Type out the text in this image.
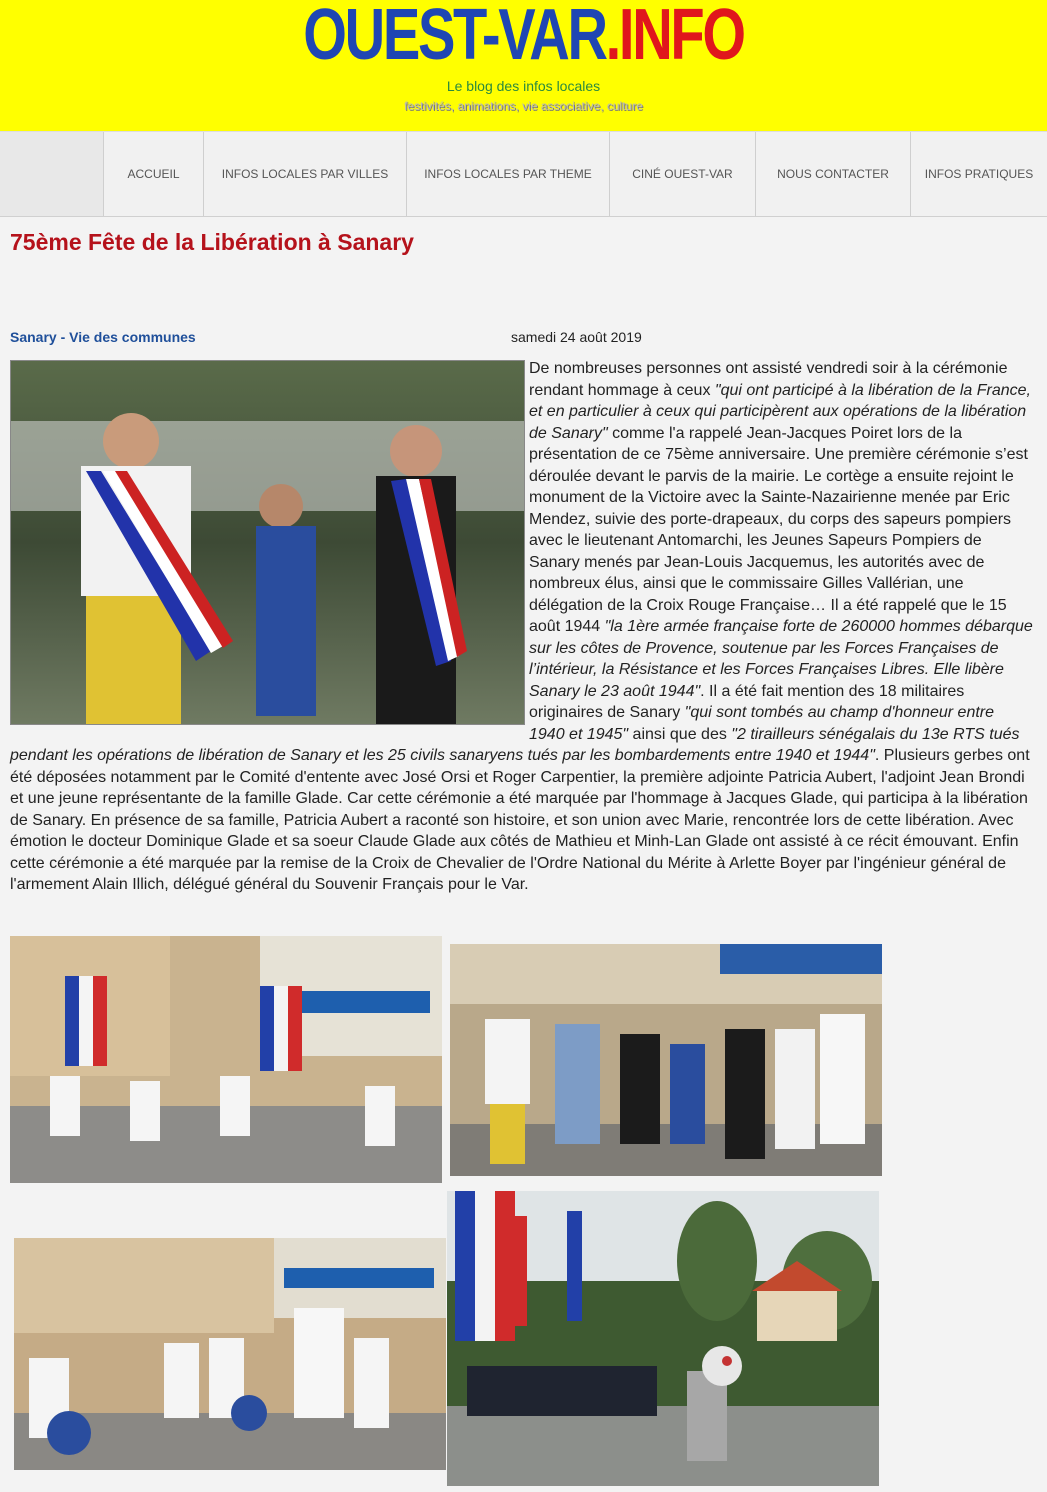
OUEST-VAR.INFO
Le blog des infos locales
festivités, animations, vie associative, culture
ACCUEIL	INFOS LOCALES PAR VILLES	INFOS LOCALES PAR THEME	CINÉ OUEST-VAR	NOUS CONTACTER	INFOS PRATIQUES
75ème Fête de la Libération à Sanary
Sanary - Vie des communes	samedi 24 août 2019
De nombreuses personnes ont assisté vendredi soir à la cérémonie rendant hommage à ceux "qui ont participé à la libération de la France, et en particulier à ceux qui participèrent aux opérations de la libération de Sanary" comme l'a rappelé Jean-Jacques Poiret lors de la présentation de ce 75ème anniversaire. Une première cérémonie s’est déroulée devant le parvis de la mairie. Le cortège a ensuite rejoint le monument de la Victoire avec la Sainte-Nazairienne menée par Eric Mendez, suivie des porte-drapeaux, du corps des sapeurs pompiers avec le lieutenant Antomarchi, les Jeunes Sapeurs Pompiers de Sanary menés par Jean-Louis Jacquemus, les autorités avec de nombreux élus, ainsi que le commissaire Gilles Vallérian, une délégation de la Croix Rouge Française… Il a été rappelé que le 15 août 1944 "la 1ère armée française forte de 260000 hommes débarque sur les côtes de Provence, soutenue par les Forces Françaises de l’intérieur, la Résistance et les Forces Françaises Libres. Elle libère Sanary le 23 août 1944". Il a été fait mention des 18 militaires originaires de Sanary "qui sont tombés au champ d'honneur entre 1940 et 1945" ainsi que des "2 tirailleurs sénégalais du 13e RTS tués pendant les opérations de libération de Sanary et les 25 civils sanaryens tués par les bombardements entre 1940 et 1944". Plusieurs gerbes ont été déposées notamment par le Comité d'entente avec José Orsi et Roger Carpentier, la première adjointe Patricia Aubert, l'adjoint Jean Brondi et une jeune représentante de la famille Glade. Car cette cérémonie a été marquée par l'hommage à Jacques Glade, qui participa à la libération de Sanary. En présence de sa famille, Patricia Aubert a raconté son histoire, et son union avec Marie, rencontrée lors de cette libération. Avec émotion le docteur Dominique Glade et sa soeur Claude Glade aux côtés de Mathieu et Minh-Lan Glade ont assisté à ce récit émouvant. Enfin cette cérémonie a été marquée par la remise de la Croix de Chevalier de l'Ordre National du Mérite à Arlette Boyer par l'ingénieur général de l'armement Alain Illich, délégué général du Souvenir Français pour le Var.
